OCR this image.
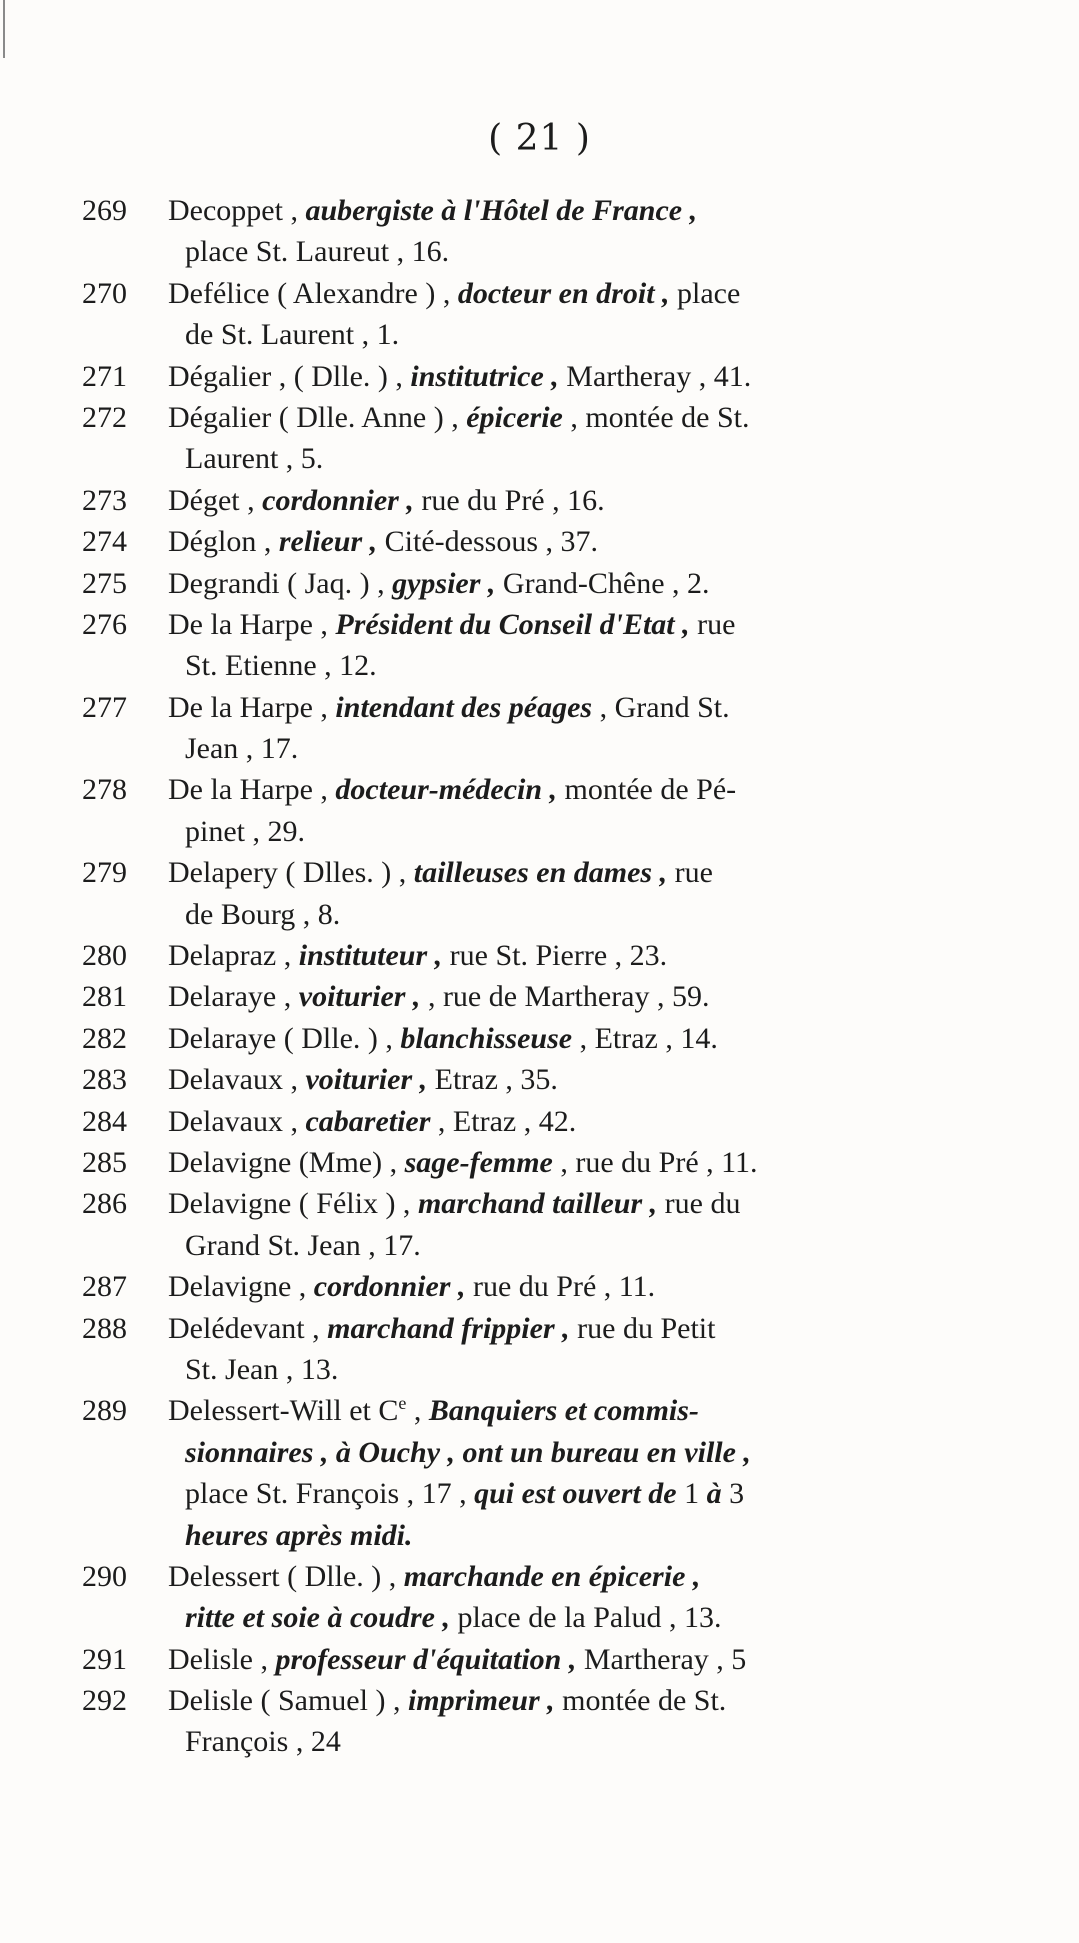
( 21 )
269	Decoppet , aubergiste à l'Hôtel de France ,
place St. Laureut , 16.
270	Defélice ( Alexandre ) , docteur en droit , place
de St. Laurent , 1.
271	Dégalier , ( Dlle. ) , institutrice , Martheray , 41.
272	Dégalier ( Dlle. Anne ) , épicerie , montée de St.
Laurent , 5.
273	Déget , cordonnier , rue du Pré , 16.
274	Déglon , relieur , Cité-dessous , 37.
275	Degrandi ( Jaq. ) , gypsier , Grand-Chêne , 2.
276	De la Harpe , Président du Conseil d'Etat , rue
St. Etienne , 12.
277	De la Harpe , intendant des péages , Grand St.
Jean , 17.
278	De la Harpe , docteur-médecin , montée de Pé-
pinet , 29.
279	Delapery ( Dlles. ) , tailleuses en dames , rue
de Bourg , 8.
280	Delapraz , instituteur , rue St. Pierre , 23.
281	Delaraye , voiturier , , rue de Martheray , 59.
282	Delaraye ( Dlle. ) , blanchisseuse , Etraz , 14.
283	Delavaux , voiturier , Etraz , 35.
284	Delavaux , cabaretier , Etraz , 42.
285	Delavigne (Mme) , sage-femme , rue du Pré , 11.
286	Delavigne ( Félix ) , marchand tailleur , rue du
Grand St. Jean , 17.
287	Delavigne , cordonnier , rue du Pré , 11.
288	Delédevant , marchand frippier , rue du Petit
St. Jean , 13.
289	Delessert-Will et Ce , Banquiers et commis-
sionnaires , à Ouchy , ont un bureau en ville ,
place St. François , 17 , qui est ouvert de 1 à 3
heures après midi.
290	Delessert ( Dlle. ) , marchande en épicerie ,
ritte et soie à coudre , place de la Palud , 13.
291	Delisle , professeur d'équitation , Martheray , 5
292	Delisle ( Samuel ) , imprimeur , montée de St.
François , 24
